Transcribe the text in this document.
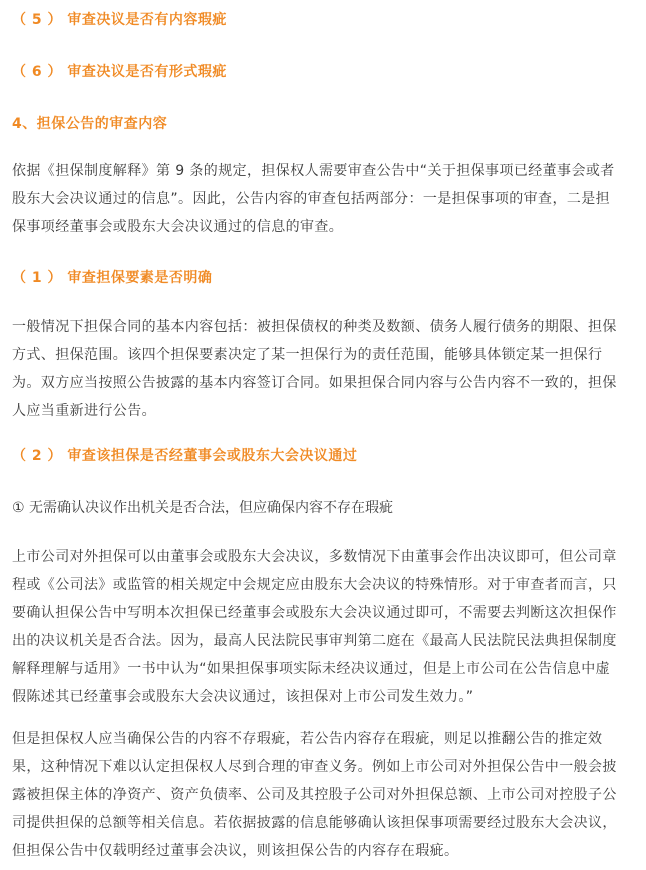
（ 5 ） 审查决议是否有内容瑕疵
（ 6 ） 审查决议是否有形式瑕疵
4、担保公告的审查内容
依据《担保制度解释》第 9 条的规定，担保权人需要审查公告中“关于担保事项已经董事会或者
股东大会决议通过的信息”。因此，公告内容的审查包括两部分：一是担保事项的审查，二是担
保事项经董事会或股东大会决议通过的信息的审查。
（ 1 ） 审查担保要素是否明确
一般情况下担保合同的基本内容包括：被担保债权的种类及数额、债务人履行债务的期限、担保
方式、担保范围。该四个担保要素决定了某一担保行为的责任范围，能够具体锁定某一担保行
为。双方应当按照公告披露的基本内容签订合同。如果担保合同内容与公告内容不一致的，担保
人应当重新进行公告。
（ 2 ） 审查该担保是否经董事会或股东大会决议通过
① 无需确认决议作出机关是否合法，但应确保内容不存在瑕疵
上市公司对外担保可以由董事会或股东大会决议，多数情况下由董事会作出决议即可，但公司章
程或《公司法》或监管的相关规定中会规定应由股东大会决议的特殊情形。对于审查者而言，只
要确认担保公告中写明本次担保已经董事会或股东大会决议通过即可，不需要去判断这次担保作
出的决议机关是否合法。因为，最高人民法院民事审判第二庭在《最高人民法院民法典担保制度
解释理解与适用》一书中认为“如果担保事项实际未经决议通过，但是上市公司在公告信息中虚
假陈述其已经董事会或股东大会决议通过，该担保对上市公司发生效力。”
但是担保权人应当确保公告的内容不存瑕疵，若公告内容存在瑕疵，则足以推翻公告的推定效
果，这种情况下难以认定担保权人尽到合理的审查义务。例如上市公司对外担保公告中一般会披
露被担保主体的净资产、资产负债率、公司及其控股子公司对外担保总额、上市公司对控股子公
司提供担保的总额等相关信息。若依据披露的信息能够确认该担保事项需要经过股东大会决议，
但担保公告中仅载明经过董事会决议，则该担保公告的内容存在瑕疵。
